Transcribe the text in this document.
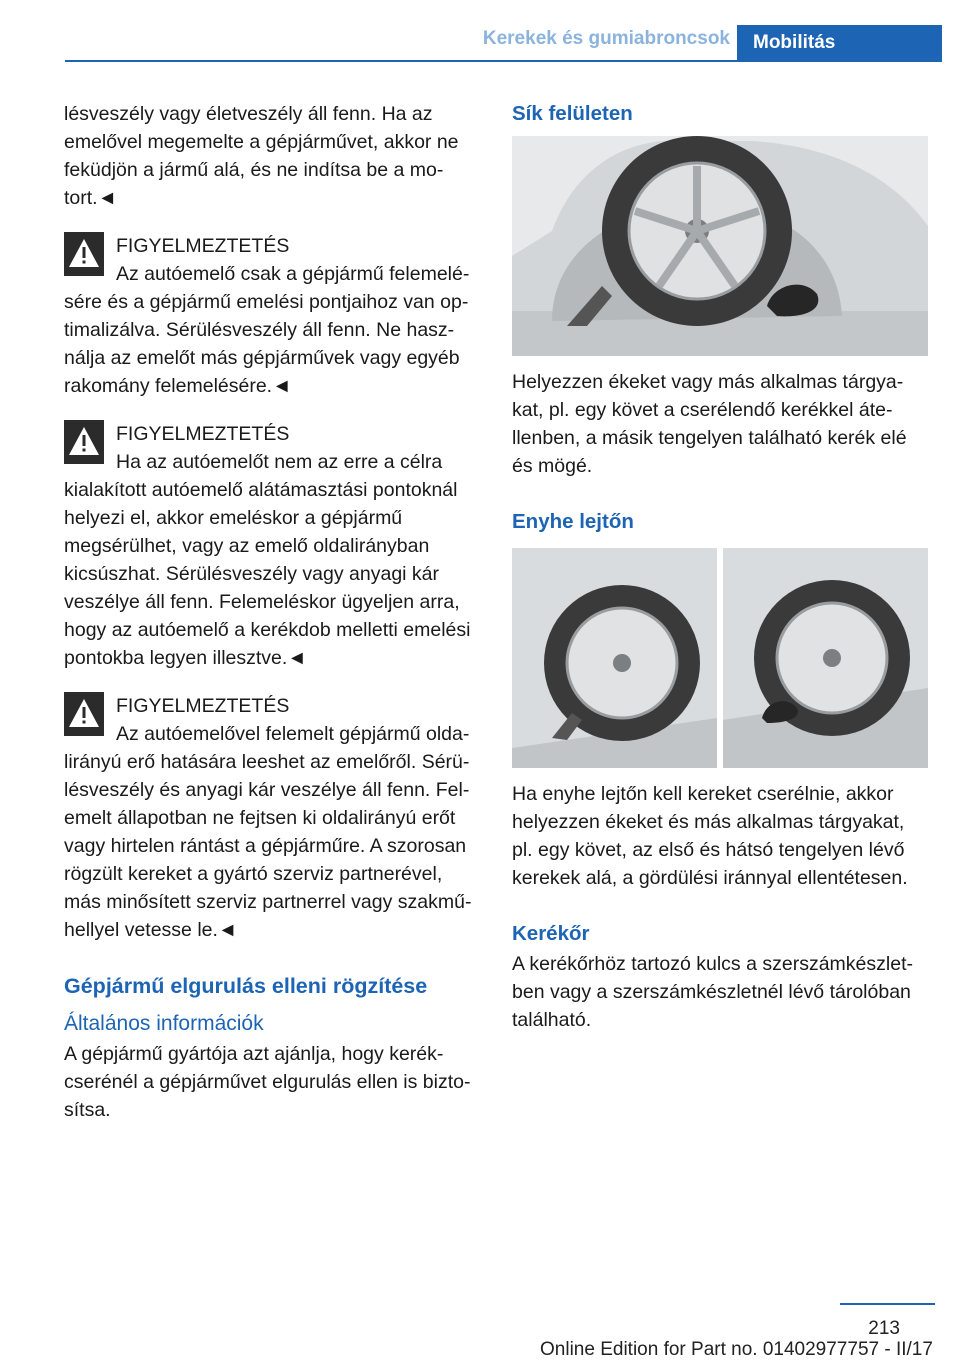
Kerekek és gumiabroncsok	Mobilitás

lésveszély vagy életveszély áll fenn. Ha az emelővel megemelte a gépjárművet, akkor ne feküdjön a jármű alá, és ne indítsa be a motort.◄

FIGYELMEZTETÉS
Az autóemelő csak a gépjármű felemelésére és a gépjármű emelési pontjaihoz van optimalizálva. Sérülésveszély áll fenn. Ne használja az emelőt más gépjárművek vagy egyéb rakomány felemelésére.◄
FIGYELMEZTETÉS
Ha az autóemelőt nem az erre a célra kialakított autóemelő alátámasztási pontoknál helyezi el, akkor emeléskor a gépjármű megsérülhet, vagy az emelő oldalirányban kicsúszhat. Sérülésveszély vagy anyagi kár veszélye áll fenn. Felemeléskor ügyeljen arra, hogy az autóemelő a kerékdob melletti emelési pontokba legyen illesztve.◄
FIGYELMEZTETÉS
Az autóemelővel felemelt gépjármű oldalirányú erő hatására leeshet az emelőről. Sérülésveszély és anyagi kár veszélye áll fenn. Felemelt állapotban ne fejtsen ki oldalirányú erőt vagy hirtelen rántást a gépjárműre. A szorosan rögzült kereket a gyártó szerviz partnerével, más minősített szerviz partnerrel vagy szakműhellyel vetesse le.◄
Gépjármű elgurulás elleni rögzítése
Általános információk

A gépjármű gyártója azt ajánlja, hogy kerékcserénél a gépjárművet elgurulás ellen is biztosítsa.

Sík felületen

Helyezzen ékeket vagy más alkalmas tárgyakat, pl. egy követ a cserélendő kerékkel átellenben, a másik tengelyen található kerék elé és mögé.

Enyhe lejtőn

Ha enyhe lejtőn kell kereket cserélnie, akkor helyezzen ékeket és más alkalmas tárgyakat, pl. egy követ, az első és hátsó tengelyen lévő kerekek alá, a gördülési iránnyal ellentétesen.

Kerékőr

A kerékőrhöz tartozó kulcs a szerszámkészletben vagy a szerszámkészletnél lévő tárolóban található.

213
Online Edition for Part no. 01402977757 - II/17
